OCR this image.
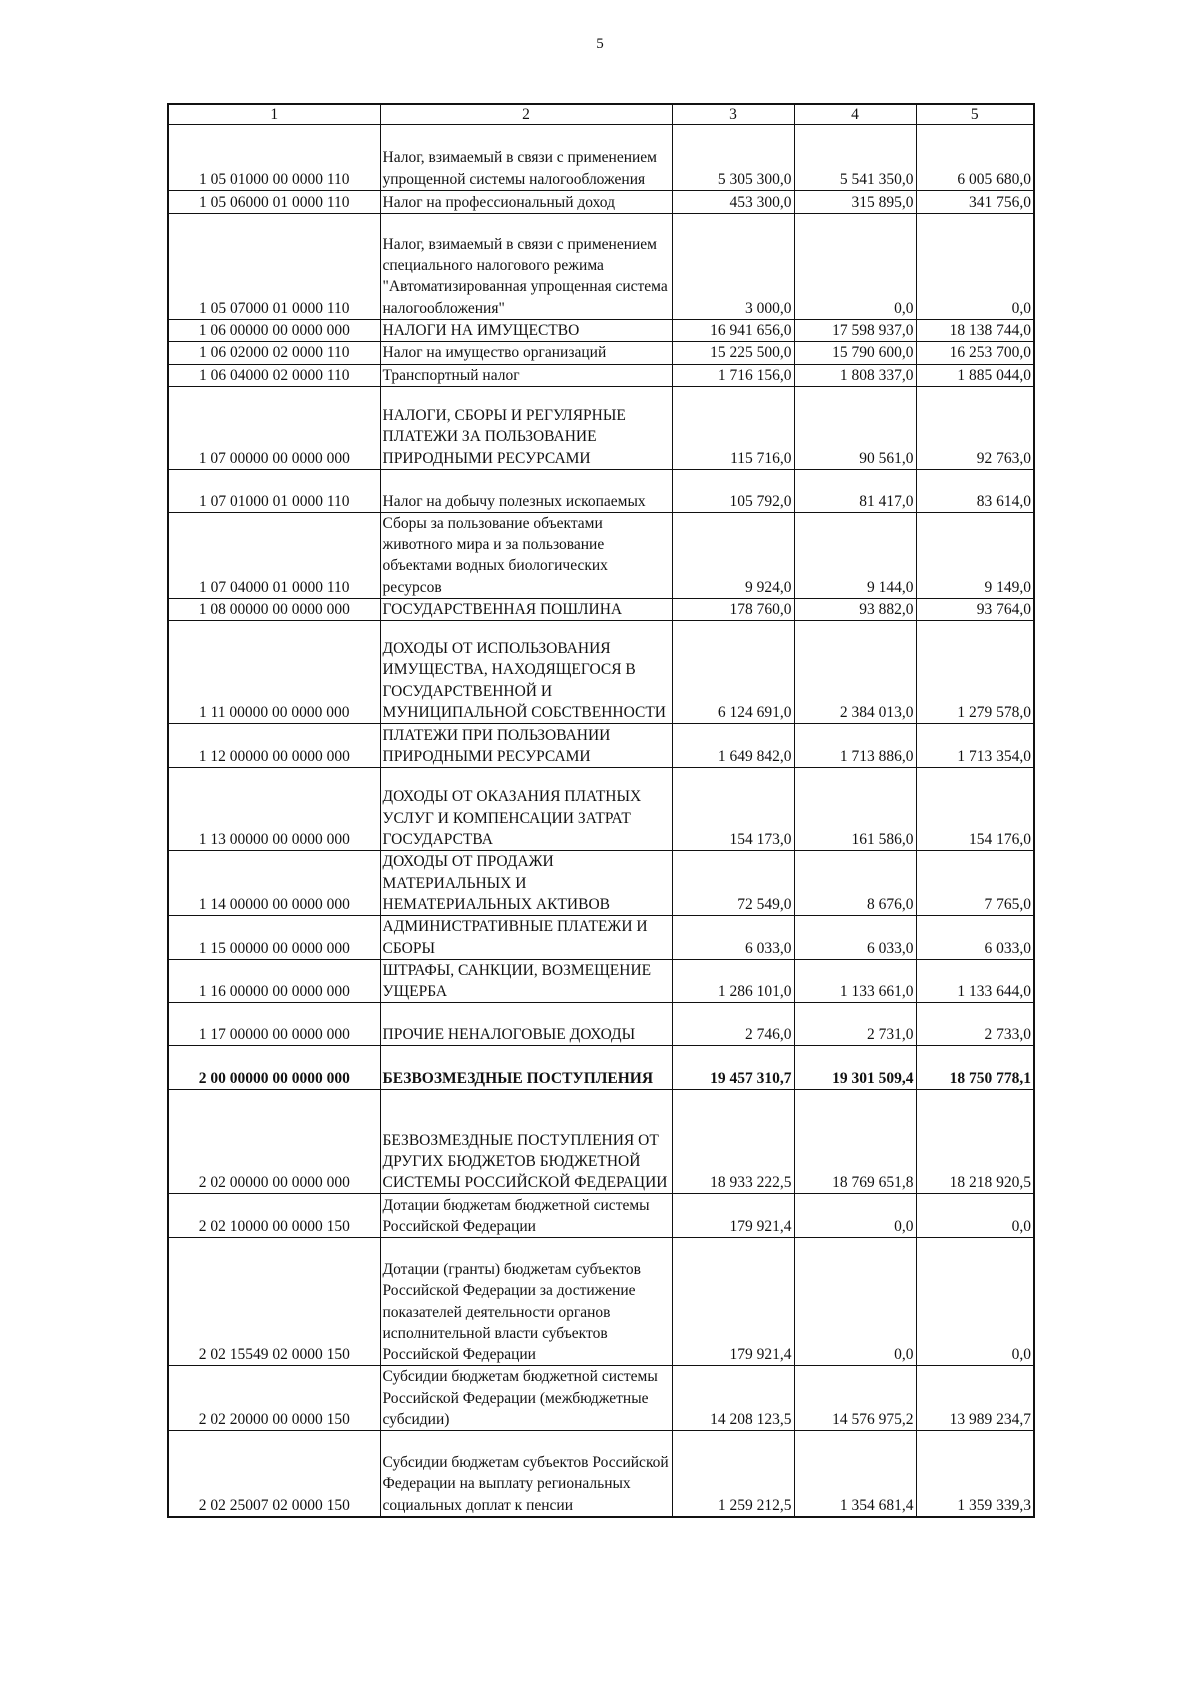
5
1	2	3	4	5
1 05 01000 00 0000 110	Налог, взимаемый в связи с применением упрощенной системы налогообложения	5 305 300,0	5 541 350,0	6 005 680,0
1 05 06000 01 0000 110	Налог на профессиональный доход	453 300,0	315 895,0	341 756,0
1 05 07000 01 0000 110	Налог, взимаемый в связи с применением специального налогового режима "Автоматизированная упрощенная система налогообложения"	3 000,0	0,0	0,0
1 06 00000 00 0000 000	НАЛОГИ НА ИМУЩЕСТВО	16 941 656,0	17 598 937,0	18 138 744,0
1 06 02000 02 0000 110	Налог на имущество организаций	15 225 500,0	15 790 600,0	16 253 700,0
1 06 04000 02 0000 110	Транспортный налог	1 716 156,0	1 808 337,0	1 885 044,0
1 07 00000 00 0000 000	НАЛОГИ, СБОРЫ И РЕГУЛЯРНЫЕ ПЛАТЕЖИ ЗА ПОЛЬЗОВАНИЕ ПРИРОДНЫМИ РЕСУРСАМИ	115 716,0	90 561,0	92 763,0
1 07 01000 01 0000 110	Налог на добычу полезных ископаемых	105 792,0	81 417,0	83 614,0
1 07 04000 01 0000 110	Сборы за пользование объектами животного мира и за пользование объектами водных биологических ресурсов	9 924,0	9 144,0	9 149,0
1 08 00000 00 0000 000	ГОСУДАРСТВЕННАЯ ПОШЛИНА	178 760,0	93 882,0	93 764,0
1 11 00000 00 0000 000	ДОХОДЫ ОТ ИСПОЛЬЗОВАНИЯ ИМУЩЕСТВА, НАХОДЯЩЕГОСЯ В ГОСУДАРСТВЕННОЙ И МУНИЦИПАЛЬНОЙ СОБСТВЕННОСТИ	6 124 691,0	2 384 013,0	1 279 578,0
1 12 00000 00 0000 000	ПЛАТЕЖИ ПРИ ПОЛЬЗОВАНИИ ПРИРОДНЫМИ РЕСУРСАМИ	1 649 842,0	1 713 886,0	1 713 354,0
1 13 00000 00 0000 000	ДОХОДЫ ОТ ОКАЗАНИЯ ПЛАТНЫХ УСЛУГ И КОМПЕНСАЦИИ ЗАТРАТ ГОСУДАРСТВА	154 173,0	161 586,0	154 176,0
1 14 00000 00 0000 000	ДОХОДЫ ОТ ПРОДАЖИ МАТЕРИАЛЬНЫХ И НЕМАТЕРИАЛЬНЫХ АКТИВОВ	72 549,0	8 676,0	7 765,0
1 15 00000 00 0000 000	АДМИНИСТРАТИВНЫЕ ПЛАТЕЖИ И СБОРЫ	6 033,0	6 033,0	6 033,0
1 16 00000 00 0000 000	ШТРАФЫ, САНКЦИИ, ВОЗМЕЩЕНИЕ УЩЕРБА	1 286 101,0	1 133 661,0	1 133 644,0
1 17 00000 00 0000 000	ПРОЧИЕ НЕНАЛОГОВЫЕ ДОХОДЫ	2 746,0	2 731,0	2 733,0
2 00 00000 00 0000 000	БЕЗВОЗМЕЗДНЫЕ ПОСТУПЛЕНИЯ	19 457 310,7	19 301 509,4	18 750 778,1
2 02 00000 00 0000 000	БЕЗВОЗМЕЗДНЫЕ ПОСТУПЛЕНИЯ ОТ ДРУГИХ БЮДЖЕТОВ БЮДЖЕТНОЙ СИСТЕМЫ РОССИЙСКОЙ ФЕДЕРАЦИИ	18 933 222,5	18 769 651,8	18 218 920,5
2 02 10000 00 0000 150	Дотации бюджетам бюджетной системы Российской Федерации	179 921,4	0,0	0,0
2 02 15549 02 0000 150	Дотации (гранты) бюджетам субъектов Российской Федерации за достижение показателей деятельности органов исполнительной власти субъектов Российской Федерации	179 921,4	0,0	0,0
2 02 20000 00 0000 150	Субсидии бюджетам бюджетной системы Российской Федерации (межбюджетные субсидии)	14 208 123,5	14 576 975,2	13 989 234,7
2 02 25007 02 0000 150	Субсидии бюджетам субъектов Российской Федерации на выплату региональных социальных доплат к пенсии	1 259 212,5	1 354 681,4	1 359 339,3
